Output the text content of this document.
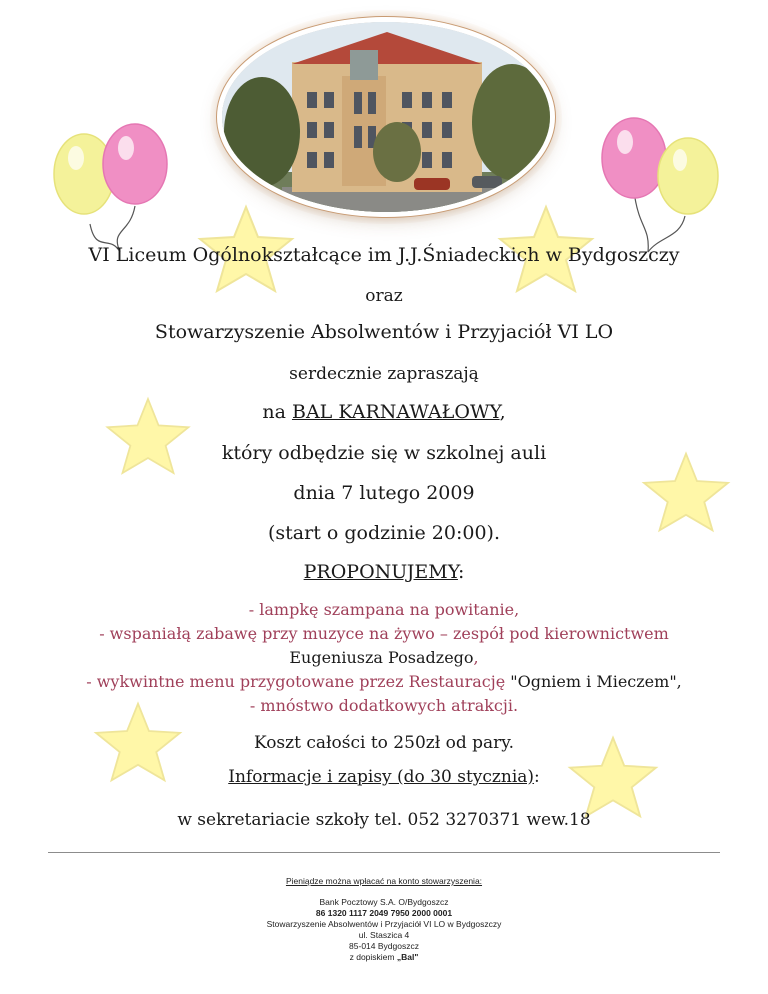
VI Liceum Ogólnokształcące im J.J.Śniadeckich w Bydgoszczy
oraz
Stowarzyszenie Absolwentów i Przyjaciół VI LO
serdecznie zapraszają
na BAL KARNAWAŁOWY,
który odbędzie się w szkolnej auli
dnia 7 lutego 2009
(start o godzinie 20:00).
PROPONUJEMY:
- lampkę szampana na powitanie,
- wspaniałą zabawę przy muzyce na żywo – zespół pod kierownictwem
Eugeniusza Posadzego,
- wykwintne menu przygotowane przez Restaurację "Ogniem i Mieczem",
- mnóstwo dodatkowych atrakcji.
Koszt całości to 250zł od pary.
Informacje i zapisy (do 30 stycznia):
w sekretariacie szkoły tel. 052 3270371 wew.18
Pieniądze można wpłacać na konto stowarzyszenia:
Bank Pocztowy S.A. O/Bydgoszcz
86 1320 1117 2049 7950 2000 0001
Stowarzyszenie Absolwentów i Przyjaciół VI LO w Bydgoszczy
ul. Staszica 4
85-014 Bydgoszcz
z dopiskiem „Bal"
